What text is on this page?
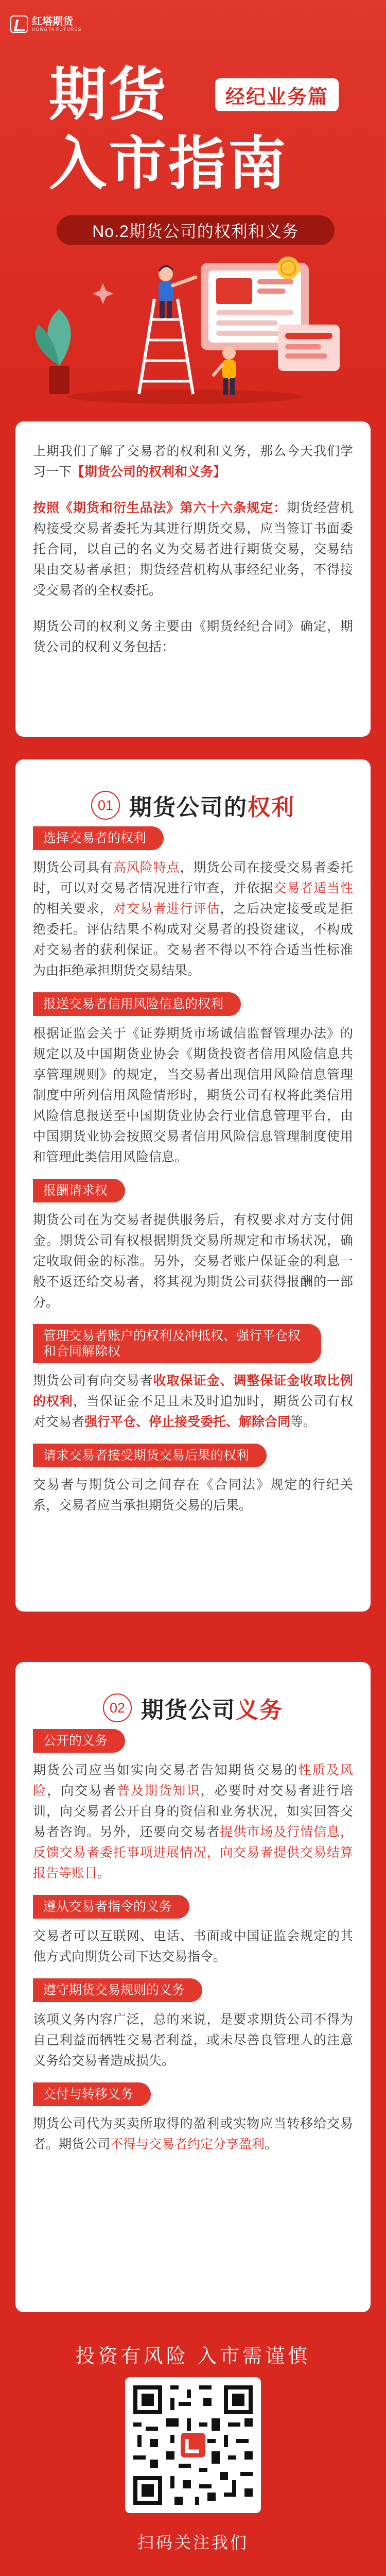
红塔期货
HONGTA FUTURES
期货	经纪业务篇
入市指南
No.2期货公司的权利和义务

上期我们了解了交易者的权利和义务，那么今天我们学习一下【期货公司的权利和义务】

按照《期货和衍生品法》第六十六条规定：期货经营机构接受交易者委托为其进行期货交易，应当签订书面委托合同，以自己的名义为交易者进行期货交易，交易结果由交易者承担；期货经营机构从事经纪业务，不得接受交易者的全权委托。

期货公司的权利义务主要由《期货经纪合同》确定，期货公司的权利义务包括：

01 期货公司的权利
选择交易者的权利

期货公司具有高风险特点，期货公司在接受交易者委托时，可以对交易者情况进行审查，并依据交易者适当性的相关要求，对交易者进行评估，之后决定接受或是拒绝委托。评估结果不构成对交易者的投资建议，不构成对交易者的获利保证。交易者不得以不符合适当性标准为由拒绝承担期货交易结果。

报送交易者信用风险信息的权利

根据证监会关于《证券期货市场诚信监督管理办法》的规定以及中国期货业协会《期货投资者信用风险信息共享管理规则》的规定，当交易者出现信用风险信息管理制度中所列信用风险情形时，期货公司有权将此类信用风险信息报送至中国期货业协会行业信息管理平台，由中国期货业协会按照交易者信用风险信息管理制度使用和管理此类信用风险信息。

报酬请求权

期货公司在为交易者提供服务后，有权要求对方支付佣金。期货公司有权根据期货交易所规定和市场状况，确定收取佣金的标准。另外，交易者账户保证金的利息一般不返还给交易者，将其视为期货公司获得报酬的一部分。

管理交易者账户的权利及冲抵权、强行平仓权和合同解除权

期货公司有向交易者收取保证金、调整保证金收取比例的权利，当保证金不足且未及时追加时，期货公司有权对交易者强行平仓、停止接受委托、解除合同等。

请求交易者接受期货交易后果的权利

交易者与期货公司之间存在《合同法》规定的行纪关系，交易者应当承担期货交易的后果。

02 期货公司义务
公开的义务

期货公司应当如实向交易者告知期货交易的性质及风险，向交易者普及期货知识，必要时对交易者进行培训，向交易者公开自身的资信和业务状况，如实回答交易者咨询。另外，还要向交易者提供市场及行情信息，反馈交易者委托事项进展情况，向交易者提供交易结算报告等账目。

遵从交易者指令的义务

交易者可以互联网、电话、书面或中国证监会规定的其他方式向期货公司下达交易指令。

遵守期货交易规则的义务

该项义务内容广泛，总的来说，是要求期货公司不得为自己利益而牺牲交易者利益，或未尽善良管理人的注意义务给交易者造成损失。

交付与转移义务

期货公司代为买卖所取得的盈利或实物应当转移给交易者。期货公司不得与交易者约定分享盈利。

投资有风险 入市需谨慎
扫码关注我们
